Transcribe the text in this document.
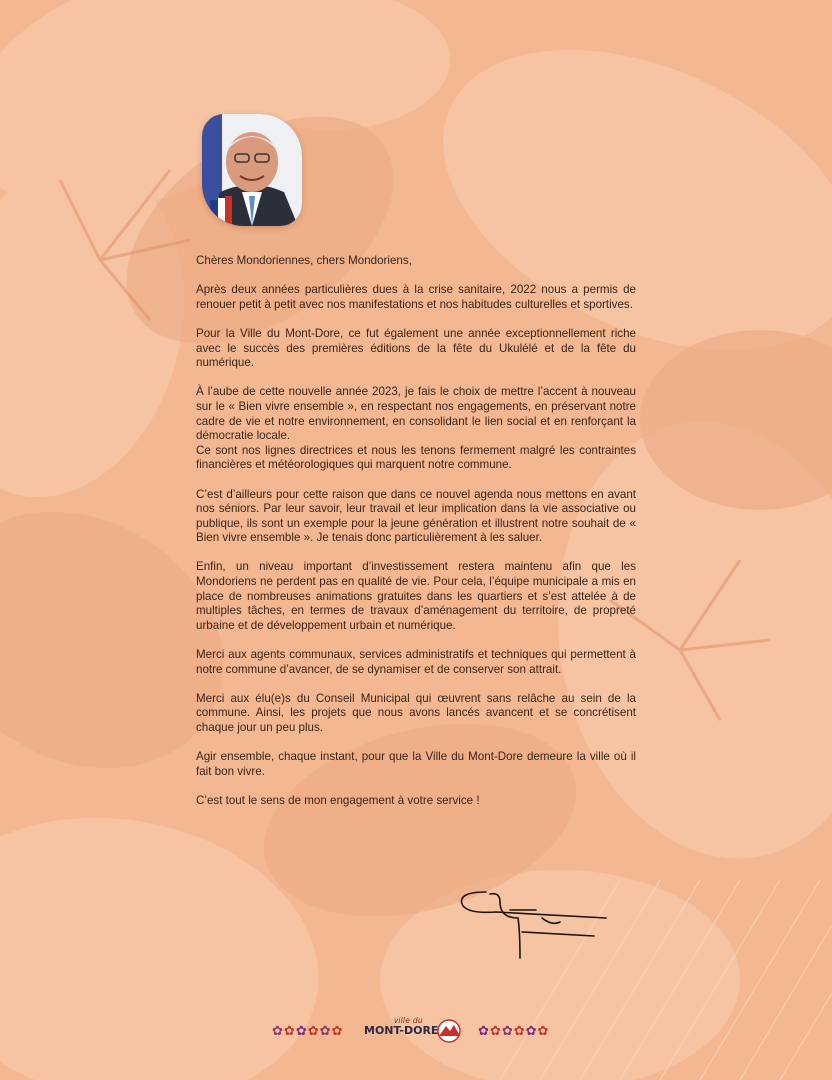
Chères Mondoriennes, chers Mondoriens,

Après deux années particulières dues à la crise sanitaire, 2022 nous a permis de renouer petit à petit avec nos manifestations et nos habitudes culturelles et sportives.

Pour la Ville du Mont-Dore, ce fut également une année exceptionnellement riche avec le succès des premières éditions de la fête du Ukulélé et de la fête du numérique.

À l’aube de cette nouvelle année 2023, je fais le choix de mettre l’accent à nouveau sur le « Bien vivre ensemble », en respectant nos engagements, en préservant notre cadre de vie et notre environnement, en consolidant le lien social et en renforçant la démocratie locale.

Ce sont nos lignes directrices et nous les tenons fermement malgré les contraintes financières et météorologiques qui marquent notre commune.

C’est d’ailleurs pour cette raison que dans ce nouvel agenda nous mettons en avant nos séniors. Par leur savoir, leur travail et leur implication dans la vie associative ou publique, ils sont un exemple pour la jeune génération et illustrent notre souhait de « Bien vivre ensemble ». Je tenais donc particulièrement à les saluer.

Enfin, un niveau important d’investissement restera maintenu afin que les Mondoriens ne perdent pas en qualité de vie. Pour cela, l’équipe municipale a mis en place de nombreuses animations gratuites dans les quartiers et s’est attelée à de multiples tâches, en termes de travaux d’aménagement du territoire, de propreté urbaine et de développement urbain et numérique.

Merci aux agents communaux, services administratifs et techniques qui permettent à notre commune d’avancer, de se dynamiser et de conserver son attrait.

Merci aux élu(e)s du Conseil Municipal qui œuvrent sans relâche au sein de la commune. Ainsi, les projets que nous avons lancés avancent et se concrétisent chaque jour un peu plus.

Agir ensemble, chaque instant, pour que la Ville du Mont-Dore demeure la ville où il fait bon vivre.

C’est tout le sens de mon engagement à votre service !

✿ ✿ ✿ ✿ ✿ ✿
ville du
MONT-DORE	✿ ✿ ✿ ✿ ✿ ✿
